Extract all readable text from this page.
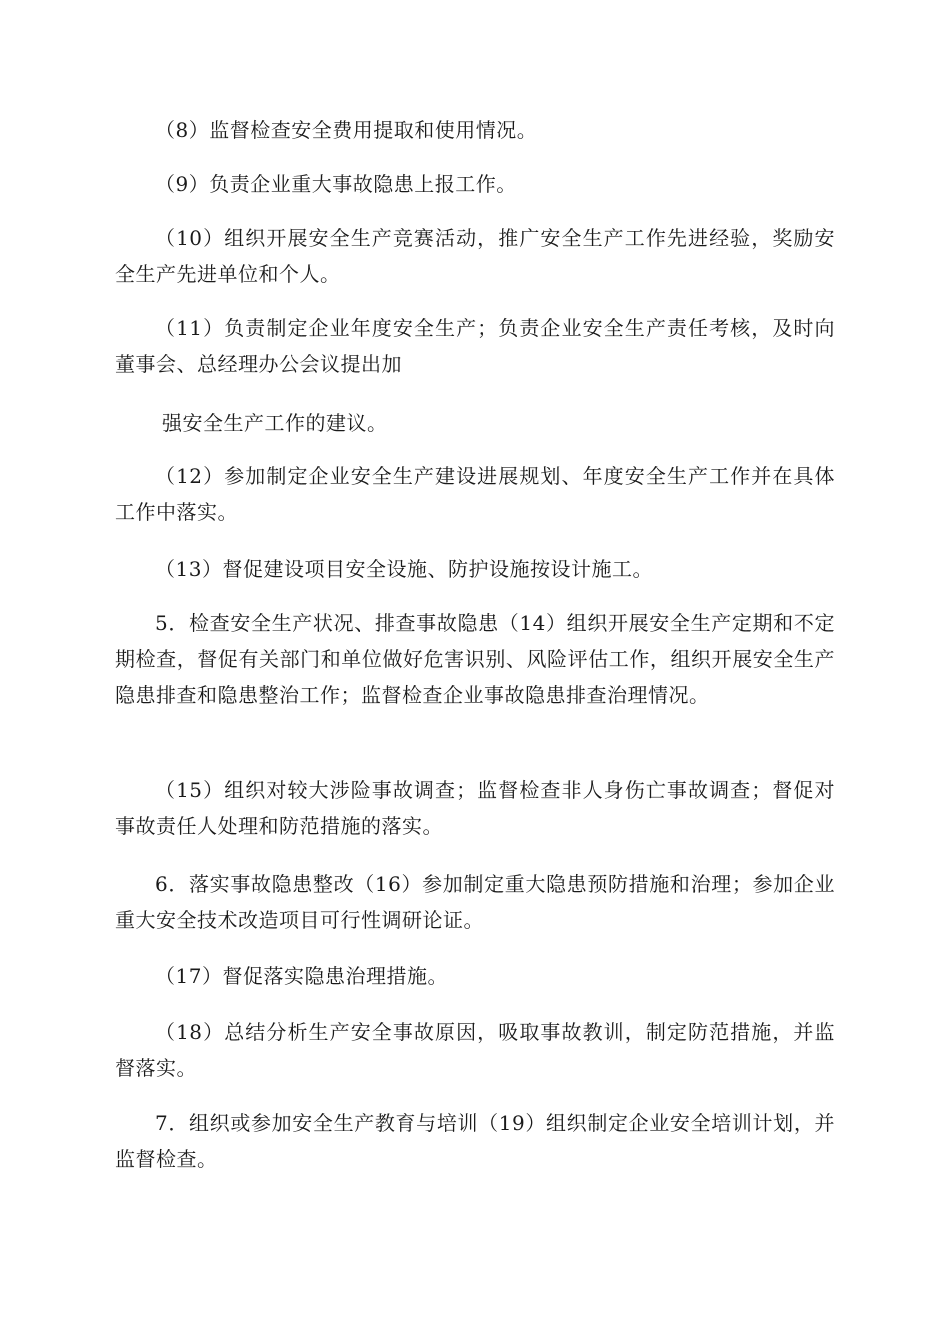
（8）监督检查安全费用提取和使用情况。

（9）负责企业重大事故隐患上报工作。

（10）组织开展安全生产竞赛活动，推广安全生产工作先进经验，奖励安全生产先进单位和个人。

（11）负责制定企业年度安全生产；负责企业安全生产责任考核，及时向董事会、总经理办公会议提出加

强安全生产工作的建议。

（12）参加制定企业安全生产建设进展规划、年度安全生产工作并在具体工作中落实。

（13）督促建设项目安全设施、防护设施按设计施工。

5．检查安全生产状况、排查事故隐患（14）组织开展安全生产定期和不定期检查，督促有关部门和单位做好危害识别、风险评估工作，组织开展安全生产隐患排查和隐患整治工作；监督检查企业事故隐患排查治理情况。

（15）组织对较大涉险事故调查；监督检查非人身伤亡事故调查；督促对事故责任人处理和防范措施的落实。

6．落实事故隐患整改（16）参加制定重大隐患预防措施和治理；参加企业重大安全技术改造项目可行性调研论证。

（17）督促落实隐患治理措施。

（18）总结分析生产安全事故原因，吸取事故教训，制定防范措施，并监督落实。

7．组织或参加安全生产教育与培训（19）组织制定企业安全培训计划，并监督检查。
